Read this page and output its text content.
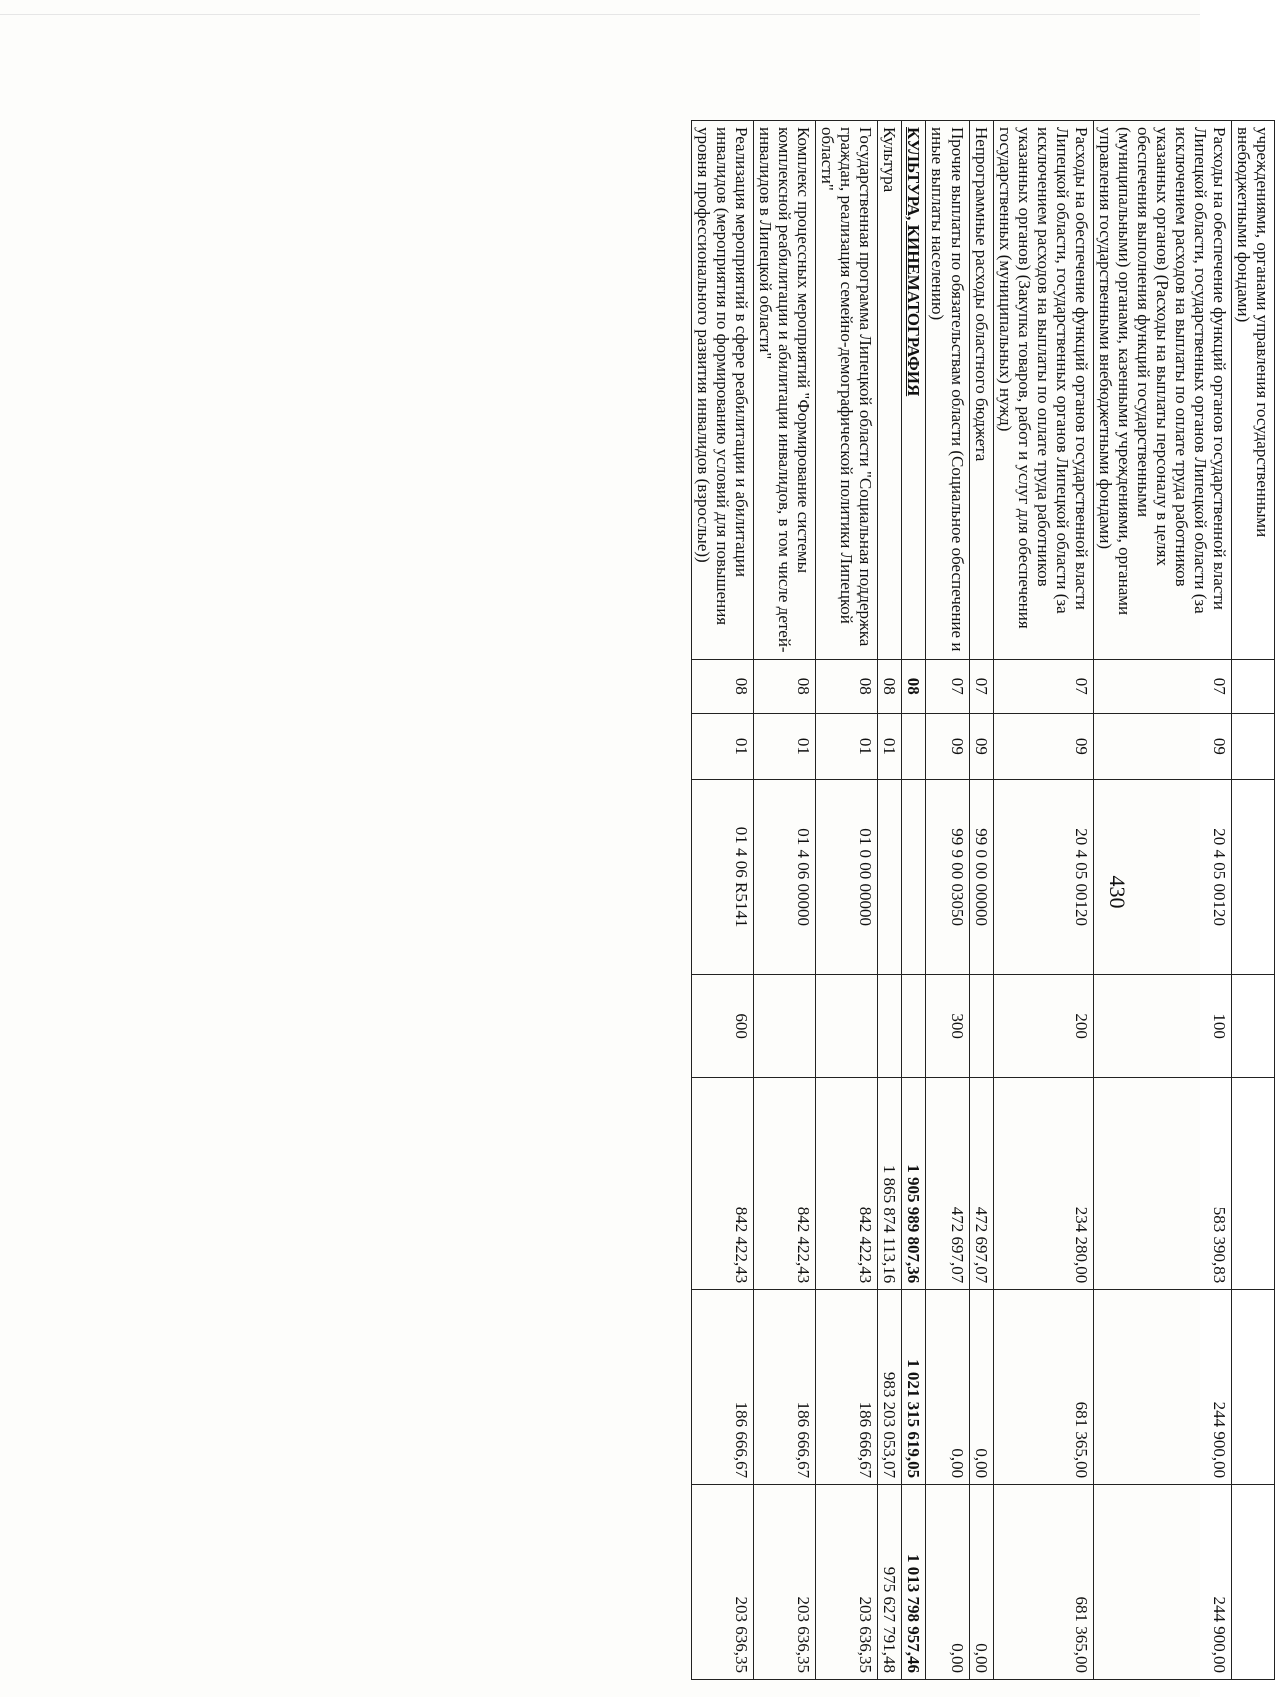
430
учреждениями, органами управления государственными внебюджетными фондами)								
Расходы на обеспечение функций органов государственной власти Липецкой области, государственных органов Липецкой области (за исключением расходов на выплаты по оплате труда работников указанных органов) (Расходы на выплаты персоналу в целях обеспечения выполнения функций государственными (муниципальными) органами, казенными учреждениями, органами управления государственными внебюджетными фондами)		07	09	20 4 05 00120	100	583 390,83	244 900,00	244 900,00
Расходы на обеспечение функций органов государственной власти Липецкой области, государственных органов Липецкой области (за исключением расходов на выплаты по оплате труда работников указанных органов) (Закупка товаров, работ и услуг для обеспечения государственных (муниципальных) нужд)		07	09	20 4 05 00120	200	234 280,00	681 365,00	681 365,00
Непрограммные расходы областного бюджета		07	09	99 0 00 00000		472 697,07	0,00	0,00
Прочие выплаты по обязательствам области (Социальное обеспечение и иные выплаты населению)		07	09	99 9 00 03050	300	472 697,07	0,00	0,00
КУЛЬТУРА, КИНЕМАТОГРАФИЯ		08				1 905 989 807,36	1 021 315 619,05	1 013 798 957,46
Культура		08	01			1 865 874 113,16	983 203 053,07	975 627 791,48
Государственная программа Липецкой области "Социальная поддержка граждан, реализация семейно-демографической политики Липецкой области"		08	01	01 0 00 00000		842 422,43	186 666,67	203 636,35
Комплекс процессных мероприятий "Формирование системы комплексной реабилитации и абилитации инвалидов, в том числе детей-инвалидов в Липецкой области"		08	01	01 4 06 00000		842 422,43	186 666,67	203 636,35
Реализация мероприятий в сфере реабилитации и абилитации инвалидов (мероприятия по формированию условий для повышения уровня профессионального развития инвалидов (взрослые))		08	01	01 4 06 R5141	600	842 422,43	186 666,67	203 636,35
